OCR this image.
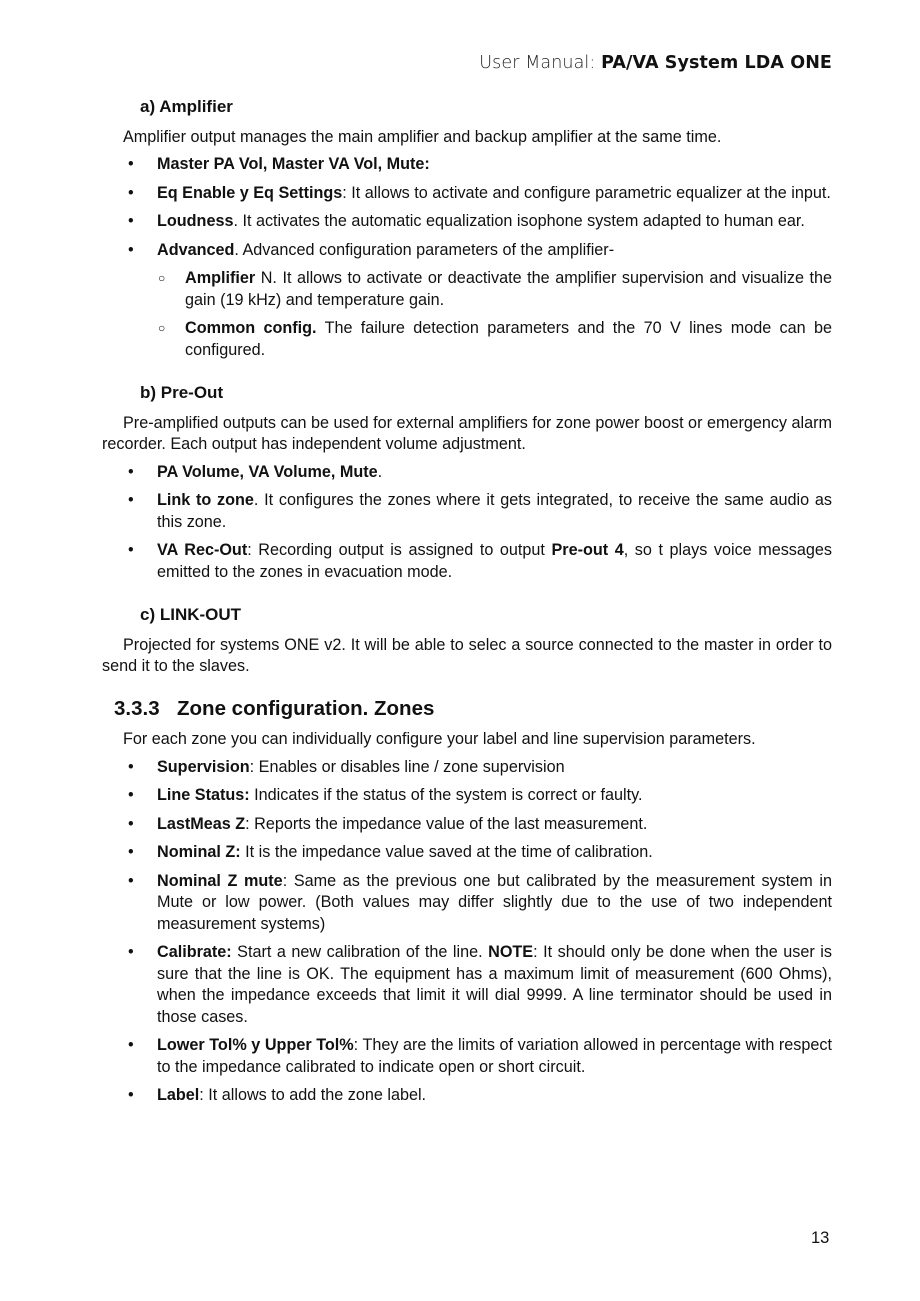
User Manual: PA/VA System LDA ONE
a) Amplifier

Amplifier output manages the main amplifier and backup amplifier at the same time.

• Master PA Vol, Master VA Vol, Mute:
• Eq Enable y Eq Settings: It allows to activate and configure parametric equalizer at the input.
• Loudness. It activates the automatic equalization isophone system adapted to human ear.
• Advanced. Advanced configuration parameters of the amplifier-
○ Amplifier N. It allows to activate or deactivate the amplifier supervision and visualize the gain (19 kHz) and temperature gain.
○ Common config. The failure detection parameters and the 70 V lines mode can be configured.
b) Pre-Out

Pre-amplified outputs can be used for external amplifiers for zone power boost or emergency alarm recorder. Each output has independent volume adjustment.

• PA Volume, VA Volume, Mute.
• Link to zone. It configures the zones where it gets integrated, to receive the same audio as this zone.
• VA Rec-Out: Recording output is assigned to output Pre-out 4, so t plays voice messages emitted to the zones in evacuation mode.
c) LINK-OUT

Projected for systems ONE v2. It will be able to selec a source connected to the master in order to send it to the slaves.

3.3.3 Zone configuration. Zones

For each zone you can individually configure your label and line supervision parameters.

• Supervision: Enables or disables line / zone supervision
• Line Status: Indicates if the status of the system is correct or faulty.
• LastMeas Z: Reports the impedance value of the last measurement.
• Nominal Z: It is the impedance value saved at the time of calibration.
• Nominal Z mute: Same as the previous one but calibrated by the measurement system in Mute or low power. (Both values may differ slightly due to the use of two independent measurement systems)
• Calibrate: Start a new calibration of the line. NOTE: It should only be done when the user is sure that the line is OK. The equipment has a maximum limit of measurement (600 Ohms), when the impedance exceeds that limit it will dial 9999. A line terminator should be used in those cases.
• Lower Tol% y Upper Tol%: They are the limits of variation allowed in percentage with respect to the impedance calibrated to indicate open or short circuit.
• Label: It allows to add the zone label.
13
